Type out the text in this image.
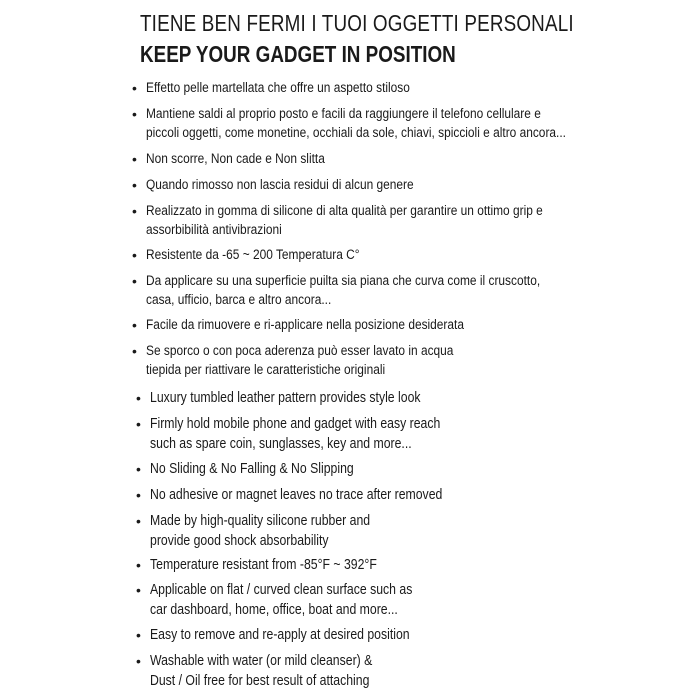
TIENE BEN FERMI I TUOI OGGETTI PERSONALI
KEEP YOUR GADGET IN POSITION
• Effetto pelle martellata che offre un aspetto stiloso
• Mantiene saldi al proprio posto e facili da raggiungere il telefono cellulare e
piccoli oggetti, come monetine, occhiali da sole, chiavi, spiccioli e altro ancora...
• Non scorre, Non cade e Non slitta
• Quando rimosso non lascia residui di alcun genere
• Realizzato in gomma di silicone di alta qualità per garantire un ottimo grip e
assorbibilità antivibrazioni
• Resistente da -65 ~ 200 Temperatura C°
• Da applicare su una superficie puilta sia piana che curva come il cruscotto,
casa, ufficio, barca e altro ancora...
• Facile da rimuovere e ri-applicare nella posizione desiderata
• Se sporco o con poca aderenza può esser lavato in acqua
tiepida per riattivare le caratteristiche originali
• Luxury tumbled leather pattern provides style look
• Firmly hold mobile phone and gadget with easy reach
such as spare coin, sunglasses, key and more...
• No Sliding & No Falling & No Slipping
• No adhesive or magnet leaves no trace after removed
• Made by high-quality silicone rubber and
provide good shock absorbability
• Temperature resistant from -85°F ~ 392°F
• Applicable on flat / curved clean surface such as
car dashboard, home, office, boat and more...
• Easy to remove and re-apply at desired position
• Washable with water (or mild cleanser) &
Dust / Oil free for best result of attaching
